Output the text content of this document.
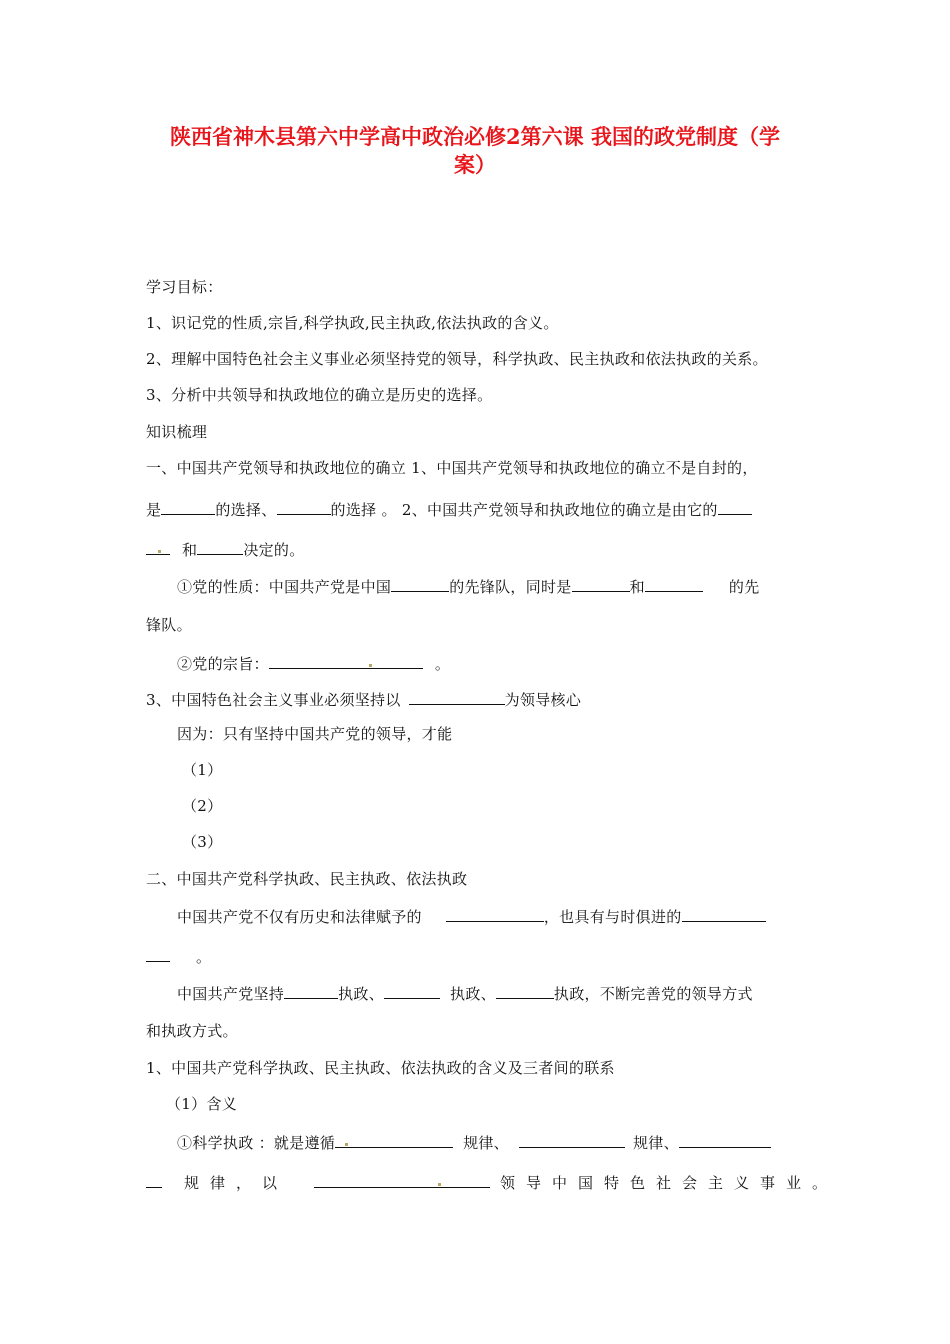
陕西省神木县第六中学高中政治必修2第六课 我国的政党制度（学
案）
学习目标：
1、识记党的性质,宗旨,科学执政,民主执政,依法执政的含义。
2、理解中国特色社会主义事业必须坚持党的领导，科学执政、民主执政和依法执政的关系。
3、分析中共领导和执政地位的确立是历史的选择。
知识梳理
一、中国共产党领导和执政地位的确立 1、中国共产党领导和执政地位的确立不是自封的，
是	的选择、	的选择 。 2、中国共产党领导和执政地位的确立是由它的
和	决定的。
①党的性质：中国共产党是中国	的先锋队，同时是	和	的先
锋队。
②党的宗旨：	。
3、中国特色社会主义事业必须坚持以	为领导核心
因为：只有坚持中国共产党的领导，才能
（1）
（2）
（3）
二、中国共产党科学执政、民主执政、依法执政
中国共产党不仅有历史和法律赋予的	，也具有与时俱进的
。
中国共产党坚持	执政、	执政、	执政，不断完善党的领导方式
和执政方式。
1、中国共产党科学执政、民主执政、依法执政的含义及三者间的联系
（1）含义
①科学执政 ：就是遵循	规律、	规律、
规律，以	领导中国特色社会主义事业。
